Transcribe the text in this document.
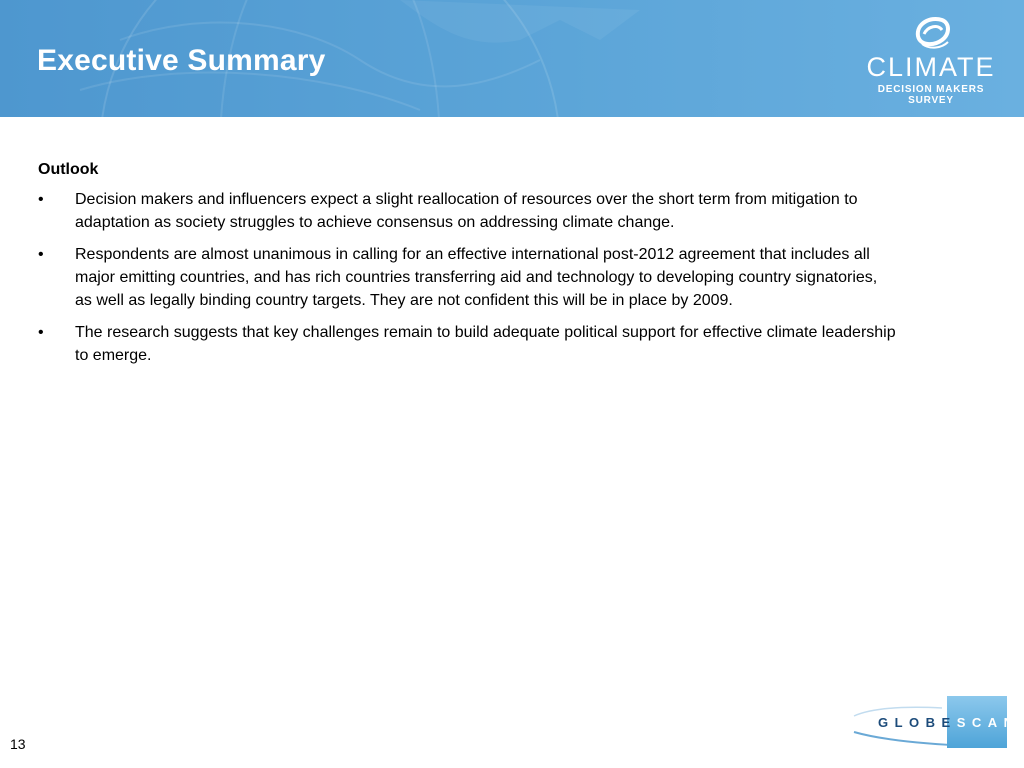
Executive Summary	CLIMATE
DECISION MAKERS SURVEY
Outlook
• Decision makers and influencers expect a slight reallocation of resources over the short term from mitigation to adaptation as society struggles to achieve consensus on addressing climate change.
• Respondents are almost unanimous in calling for an effective international post-2012 agreement that includes all major emitting countries, and has rich countries transferring aid and technology to developing country signatories, as well as legally binding country targets. They are not confident this will be in place by 2009.
• The research suggests that key challenges remain to build adequate political support for effective climate leadership to emerge.
13
GLOBESCAN
